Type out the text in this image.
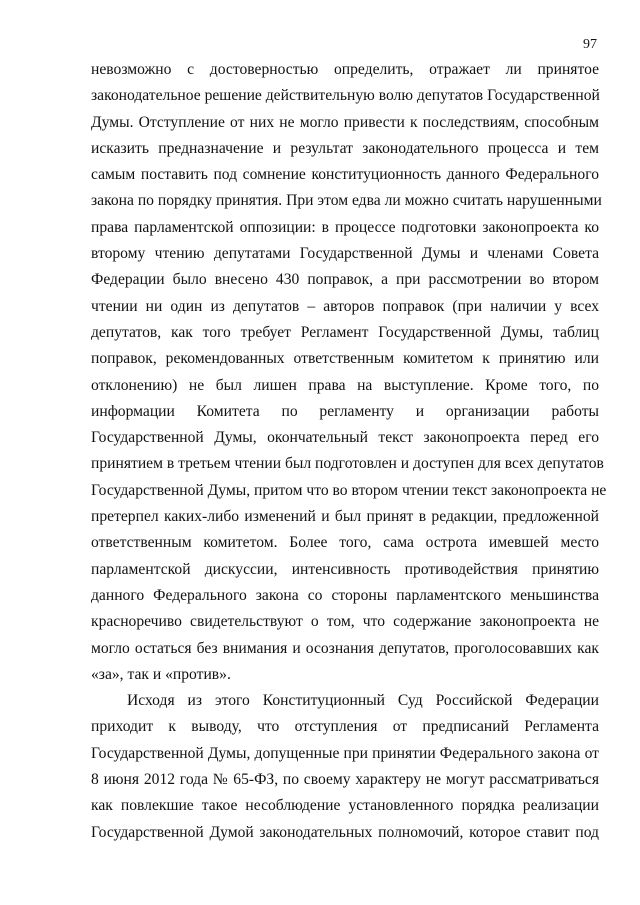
97
невозможно с достоверностью определить, отражает ли принятое
законодательное решение действительную волю депутатов Государственной
Думы. Отступление от них не могло привести к последствиям, способным
исказить предназначение и результат законодательного процесса и тем
самым поставить под сомнение конституционность данного Федерального
закона по порядку принятия. При этом едва ли можно считать нарушенными
права парламентской оппозиции: в процессе подготовки законопроекта ко
второму чтению депутатами Государственной Думы и членами Совета
Федерации было внесено 430 поправок, а при рассмотрении во втором
чтении ни один из депутатов – авторов поправок (при наличии у всех
депутатов, как того требует Регламент Государственной Думы, таблиц
поправок, рекомендованных ответственным комитетом к принятию или
отклонению) не был лишен права на выступление. Кроме того, по
информации Комитета по регламенту и организации работы
Государственной Думы, окончательный текст законопроекта перед его
принятием в третьем чтении был подготовлен и доступен для всех депутатов
Государственной Думы, притом что во втором чтении текст законопроекта не
претерпел каких-либо изменений и был принят в редакции, предложенной
ответственным комитетом. Более того, сама острота имевшей место
парламентской дискуссии, интенсивность противодействия принятию
данного Федерального закона со стороны парламентского меньшинства
красноречиво свидетельствуют о том, что содержание законопроекта не
могло остаться без внимания и осознания депутатов, проголосовавших как
«за», так и «против».
Исходя из этого Конституционный Суд Российской Федерации
приходит к выводу, что отступления от предписаний Регламента
Государственной Думы, допущенные при принятии Федерального закона от
8 июня 2012 года № 65-ФЗ, по своему характеру не могут рассматриваться
как повлекшие такое несоблюдение установленного порядка реализации
Государственной Думой законодательных полномочий, которое ставит под
